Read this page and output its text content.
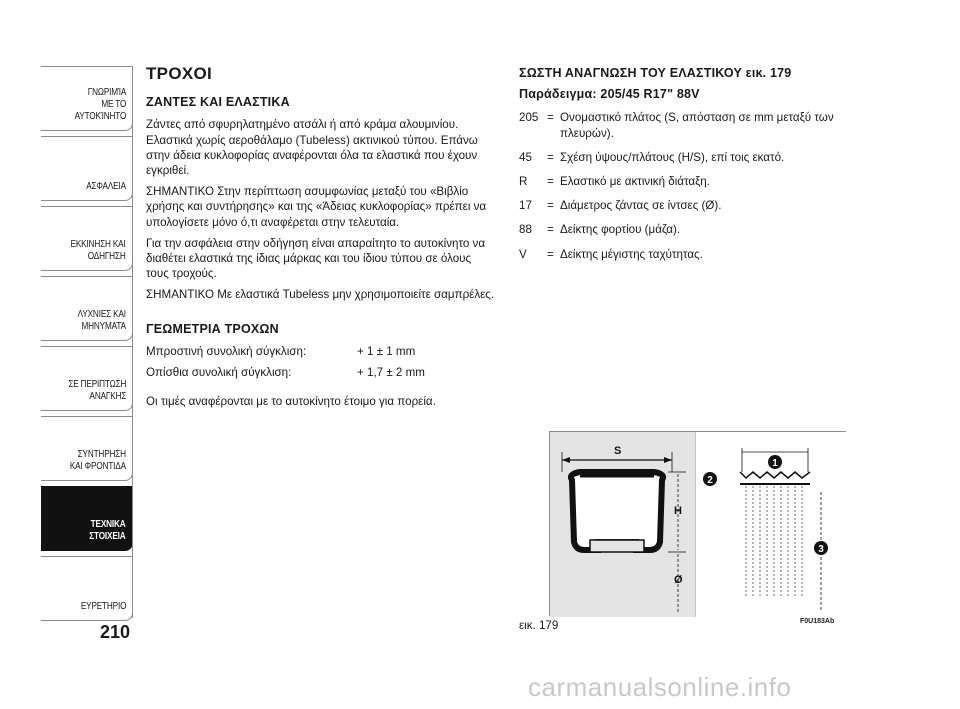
ΓΝΩΡΙΜΊΑ
ΜΕ ΤΟ
ΑΥΤΟΚΊΝΗΤΟ
ΑΣΦΑΛΕΙΑ
ΕΚΚΙΝΗΣΗ ΚΑΙ
ΟΔΗΓΗΣΗ
ΛΥΧΝΙΕΣ ΚΑΙ
ΜΗΝΥΜΑΤΑ
ΣΕ ΠΕΡΙΠΤΩΣΗ
ΑΝΑΓΚΗΣ
ΣΥΝΤΗΡΗΣΗ
ΚΑΙ ΦΡΟΝΤΙΔΑ
ΤΕΧΝΙΚΑ
ΣΤΟΙΧΕΙΑ
ΕΥΡΕΤΗΡΙΟ
210
ΤΡΟΧΟΙ
ΖΑΝΤΕΣ ΚΑΙ ΕΛΑΣΤΙΚΑ

Ζάντες από σφυρηλατημένο ατσάλι ή από κράμα αλουμινίου. Ελαστικά χωρίς αεροθάλαμο (Tubeless) ακτινικού τύπου. Επάνω στην άδεια κυκλοφορίας αναφέρονται όλα τα ελαστικά που έχουν εγκριθεί.

ΣΗΜΑΝΤΙΚΟ Στην περίπτωση ασυμφωνίας μεταξύ του «Βιβλίο χρήσης και συντήρησης» και της «Άδειας κυκλοφορίας» πρέπει να υπολογίσετε μόνο ό,τι αναφέρεται στην τελευταία.

Για την ασφάλεια στην οδήγηση είναι απαραίτητο το αυτοκίνητο να διαθέτει ελαστικά της ίδιας μάρκας και του ίδιου τύπου σε όλους τους τροχούς.

ΣΗΜΑΝΤΙΚΟ Με ελαστικά Tubeless μην χρησιμοποιείτε σαμπρέλες.

ΓΕΩΜΕΤΡΙΑ ΤΡΟΧΩΝ
Μπροστινή συνολική σύγκλιση:	+ 1 ± 1 mm
Οπίσθια συνολική σύγκλιση:	+ 1,7 ± 2 mm

Οι τιμές αναφέρονται με το αυτοκίνητο έτοιμο για πορεία.

ΣΩΣΤΗ ΑΝΑΓΝΩΣΗ ΤΟΥ ΕΛΑΣΤΙΚΟΥ εικ. 179
Παράδειγμα: 205/45 R17" 88V
205 = Ονομαστικό πλάτος (S, απόσταση σε mm μεταξύ των πλευρών).
45	= Σχέση ύψους/πλάτους (H/S), επί τοις εκατό.
R	= Ελαστικό με ακτινική διάταξη.
17	= Διάμετρος ζάντας σε ίντσες (Ø).
88	= Δείκτης φορτίου (μάζα).
V	= Δείκτης μέγιστης ταχύτητας.
S
H
Ø
1
2
3
εικ. 179	F0U183Ab
carmanualsonline.info
